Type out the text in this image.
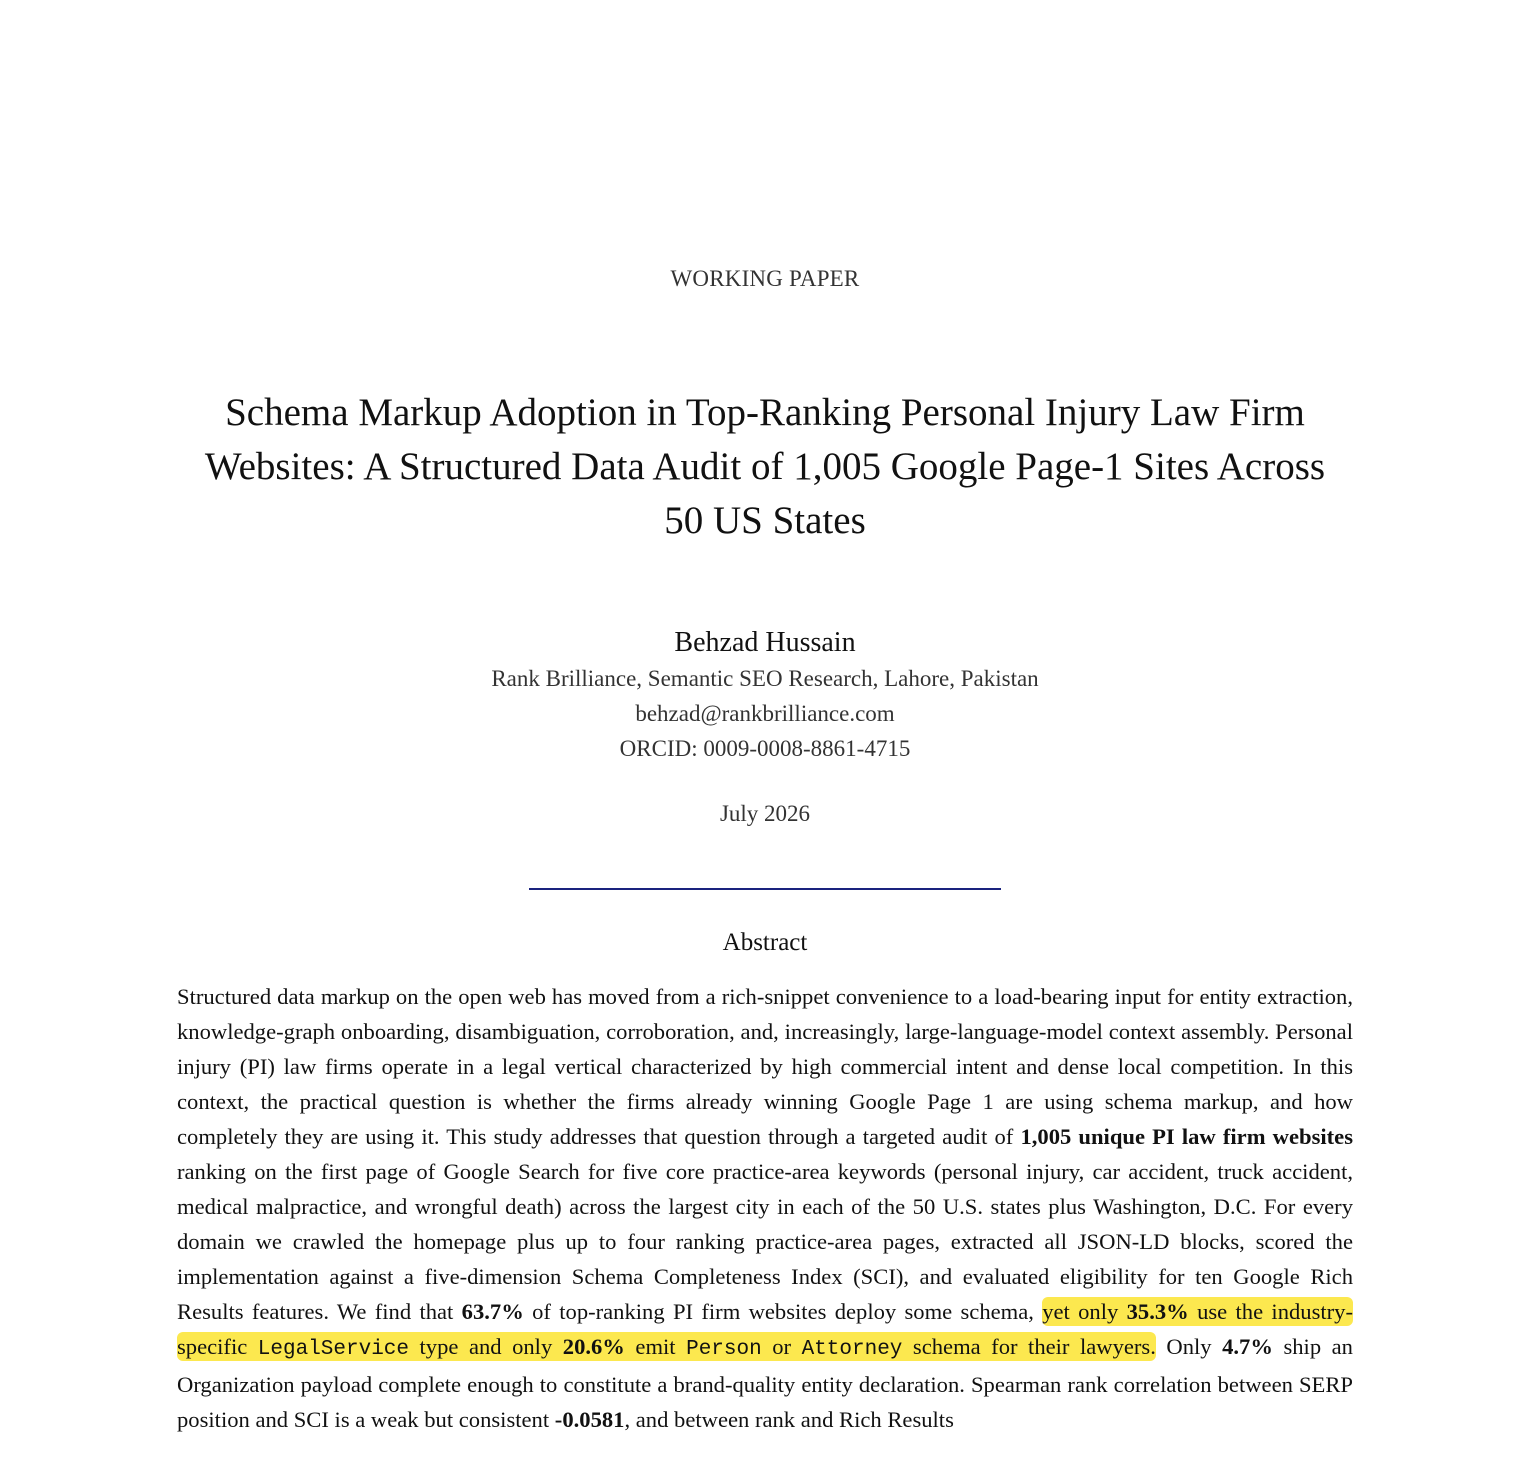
WORKING PAPER
Schema Markup Adoption in Top-Ranking Personal Injury Law Firm Websites: A Structured Data Audit of 1,005 Google Page-1 Sites Across 50 US States
Behzad Hussain
Rank Brilliance, Semantic SEO Research, Lahore, Pakistan
behzad@rankbrilliance.com
ORCID: 0009-0008-8861-4715
July 2026
Abstract
Structured data markup on the open web has moved from a rich-snippet convenience to a load-bearing input for entity extraction, knowledge-graph onboarding, disambiguation, corroboration, and, increasingly, large-language-model context assembly. Personal injury (PI) law firms operate in a legal vertical characterized by high commercial intent and dense local competition. In this context, the practical question is whether the firms already winning Google Page 1 are using schema markup, and how completely they are using it. This study addresses that question through a targeted audit of 1,005 unique PI law firm websites ranking on the first page of Google Search for five core practice-area keywords (personal injury, car accident, truck accident, medical malpractice, and wrongful death) across the largest city in each of the 50 U.S. states plus Washington, D.C. For every domain we crawled the homepage plus up to four ranking practice-area pages, extracted all JSON-LD blocks, scored the implementation against a five-dimension Schema Completeness Index (SCI), and evaluated eligibility for ten Google Rich Results features. We find that 63.7% of top-ranking PI firm websites deploy some schema, yet only 35.3% use the industry-specific LegalService type and only 20.6% emit Person or Attorney schema for their lawyers. Only 4.7% ship an Organization payload complete enough to constitute a brand-quality entity declaration. Spearman rank correlation between SERP position and SCI is a weak but consistent -0.0581, and between rank and Rich Results
